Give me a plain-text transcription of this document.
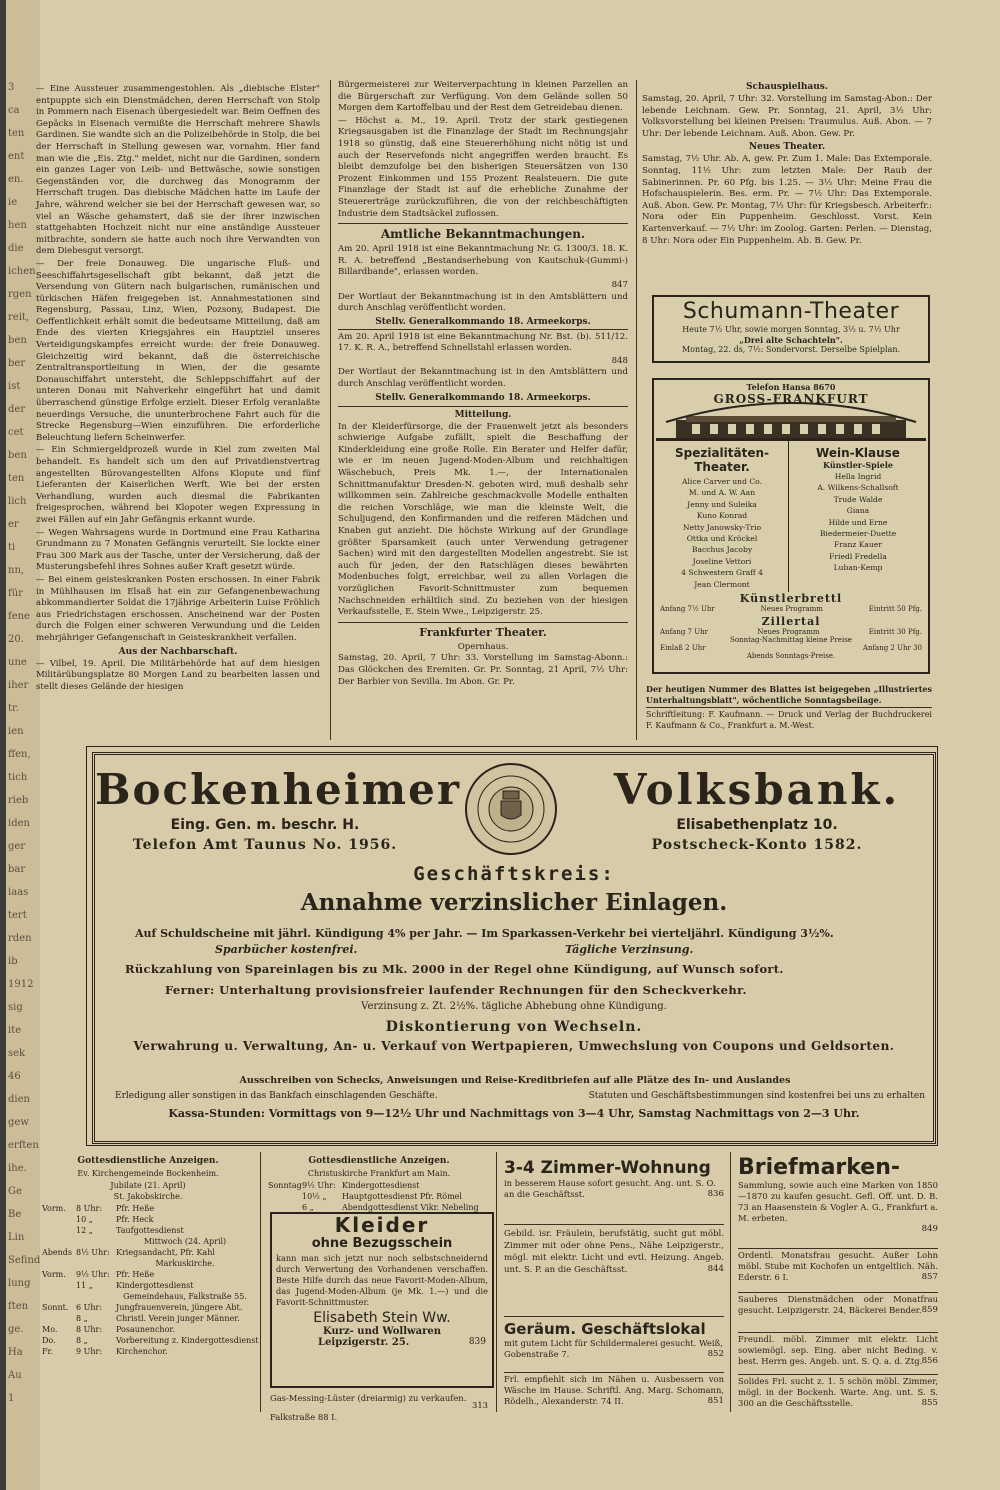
3
ca
ten
ent
en.
ie
hen
die
ichen
rgen
reit,
ben
ber
ist
der
cet
ben
ten
lich
er
ti
nn,
für
fene
20.
une
iher
tr.
ien
ffen,
tich
rieb
iden
ger
bar
iaas
tert
rden
ib
1912
sig
ite
sek
46
dien
gew
erften
ihe.
Ge
Be
Lin
Sefind
lung
ften
ge.
Ha
Au
1

— Eine Aussteuer zusammengestohlen. Als „diebische Elster" entpuppte sich ein Dienstmädchen, deren Herrschaft von Stolp in Pommern nach Eisenach übergesiedelt war. Beim Oeffnen des Gepäcks in Eisenach vermißte die Herrschaft mehrere Shawls Gardinen. Sie wandte sich an die Polizeibehörde in Stolp, die bei der Herrschaft in Stellung gewesen war, vornahm. Hier fand man wie die „Eis. Ztg." meldet, nicht nur die Gardinen, sondern ein ganzes Lager von Leib- und Bettwäsche, sowie sonstigen Gegenständen vor, die durchweg das Monogramm der Herrschaft trugen. Das diebische Mädchen hatte im Laufe der Jahre, während welcher sie bei der Herrschaft gewesen war, so viel an Wäsche gehamstert, daß sie der ihrer inzwischen stattgehabten Hochzeit nicht nur eine anständige Aussteuer mitbrachte, sondern sie hatte auch noch ihre Verwandten von dem Diebesgut versorgt.

— Der freie Donauweg. Die ungarische Fluß- und Seeschiffahrtsgesellschaft gibt bekannt, daß jetzt die Versendung von Gütern nach bulgarischen, rumänischen und türkischen Häfen freigegeben ist. Annahmestationen sind Regensburg, Passau, Linz, Wien, Pozsony, Budapest. Die Oeffentlichkeit erhält somit die bedeutsame Mitteilung, daß am Ende des vierten Kriegsjahres ein Hauptziel unseres Verteidigungskampfes erreicht wurde: der freie Donauweg. Gleichzeitig wird bekannt, daß die österreichische Zentraltransportleitung in Wien, der die gesamte Donauschiffahrt untersteht, die Schleppschiffahrt auf der unteren Donau mit Nahverkehr eingeführt hat und damit überraschend günstige Erfolge erzielt. Dieser Erfolg veranlaßte neuerdings Versuche, die ununterbrochene Fahrt auch für die Strecke Regensburg—Wien einzuführen. Die erforderliche Beleuchtung liefern Scheinwerfer.

— Ein Schmiergeldprozeß wurde in Kiel zum zweiten Mal behandelt. Es handelt sich um den auf Privatdienstvertrag angestellten Bürovangestellten Alfons Klopute und fünf Lieferanten der Kaiserlichen Werft. Wie bei der ersten Verhandlung, wurden auch diesmal die Fabrikanten freigesprochen, während bei Klopoter wegen Expressung in zwei Fällen auf ein Jahr Gefängnis erkannt wurde.

— Wegen Wahrsagens wurde in Dortmund eine Frau Katharina Grundmann zu 7 Monaten Gefängnis verurteilt. Sie lockte einer Frau 300 Mark aus der Tasche, unter der Versicherung, daß der Musterungsbefehl ihres Sohnes außer Kraft gesetzt würde.

— Bei einem geisteskranken Posten erschossen. In einer Fabrik in Mühlhausen im Elsaß hat ein zur Gefangenenbewachung abkommandierter Soldat die 17jährige Arbeiterin Luise Fröhlich aus Friedrichstagen erschossen. Anscheinend war der Posten durch die Folgen einer schweren Verwundung und die Leiden mehrjähriger Gefangenschaft in Geisteskrankheit verfallen.

Aus der Nachbarschaft.

— Vilbel, 19. April. Die Militärbehörde hat auf dem hiesigen Militärübungsplatze 80 Morgen Land zu bearbeiten lassen und stellt dieses Gelände der hiesigen

Bürgermeisterei zur Weiterverpachtung in kleinen Parzellen an die Bürgerschaft zur Verfügung. Von dem Gelände sollen 50 Morgen dem Kartoffelbau und der Rest dem Getreidebau dienen.

— Höchst a. M., 19. April. Trotz der stark gestiegenen Kriegsausgaben ist die Finanzlage der Stadt im Rechnungsjahr 1918 so günstig, daß eine Steuererhöhung nicht nötig ist und auch der Reservefonds nicht angegriffen werden braucht. Es bleibt demzufolge bei den bisherigen Steuersätzen von 130 Prozent Einkommen und 155 Prozent Realsteuern. Die gute Finanzlage der Stadt ist auf die erhebliche Zunahme der Steuererträge zurückzuführen, die von der reichbeschäftigten Industrie dem Stadtsäckel zuflossen.

Amtliche Bekanntmachungen.

Am 20. April 1918 ist eine Bekanntmachung Nr. G. 1300/3. 18. K. R. A. betreffend „Bestandserhebung von Kautschuk-(Gummi-) Billardbande", erlassen worden.

847

Der Wortlaut der Bekanntmachung ist in den Amtsblättern und durch Anschlag veröffentlicht worden.

Stellv. Generalkommando 18. Armeekorps.

Am 20. April 1918 ist eine Bekanntmachung Nr. Bst. (b). 511/12. 17. K. R. A., betreffend Schnellstahl erlassen worden.

848

Der Wortlaut der Bekanntmachung ist in den Amtsblättern und durch Anschlag veröffentlicht worden.

Stellv. Generalkommando 18. Armeekorps.
Mitteilung.

In der Kleiderfürsorge, die der Frauenwelt jetzt als besonders schwierige Aufgabe zufällt, spielt die Beschaffung der Kinderkleidung eine große Rolle. Ein Berater und Helfer dafür, wie er im neuen Jugend-Moden-Album und reichhaltigen Wäschebuch, Preis Mk. 1.—, der Internationalen Schnittmanufaktur Dresden-N. geboten wird, muß deshalb sehr willkommen sein. Zahlreiche geschmackvolle Modelle enthalten die reichen Vorschläge, wie man die kleinste Welt, die Schuljugend, den Konfirmanden und die reiferen Mädchen und Knaben gut anzieht. Die höchste Wirkung auf der Grundlage größter Sparsamkeit (auch unter Verwendung getragener Sachen) wird mit den dargestellten Modellen angestrebt. Sie ist auch für jeden, der den Ratschlägen dieses bewährten Modenbuches folgt, erreichbar, weil zu allen Vorlagen die vorzüglichen Favorit-Schnittmuster zum bequemen Nachschneiden erhältlich sind. Zu beziehen von der hiesigen Verkaufsstelle, E. Stein Wwe., Leipzigerstr. 25.

Frankfurter Theater.
Opernhaus.

Samstag, 20. April, 7 Uhr: 33. Vorstellung im Samstag-Abonn.: Das Glöckchen des Eremiten. Gr. Pr. Sonntag, 21 April, 7½ Uhr: Der Barbier von Sevilla. Im Abon. Gr. Pr.

Schauspielhaus.

Samstag, 20. April, 7 Uhr: 32. Vorstellung im Samstag-Abon.: Der lebende Leichnam. Gew. Pr. Sonntag, 21. April, 3½ Uhr: Volksvorstellung bei kleinen Preisen: Traumulus. Auß. Abon. — 7 Uhr: Der lebende Leichnam. Auß. Abon. Gew. Pr.

Neues Theater.

Samstag, 7½ Uhr. Ab. A, gew. Pr. Zum 1. Male: Das Extemporale. Sonntag, 11½ Uhr: zum letzten Male: Der Raub der Sabinerinnen. Pr. 60 Pfg. bis 1.25. — 3½ Uhr: Meine Frau die Hofschauspielerin. Bes. erm. Pr. — 7½ Uhr: Das Extemporale. Auß. Abon. Gew. Pr. Montag, 7½ Uhr: für Kriegsbesch. Arbeiterfr.: Nora oder Ein Puppenheim. Geschlosst. Vorst. Kein Kartenverkauf. — 7½ Uhr: im Zoolog. Garten: Perlen. — Dienstag, 8 Uhr: Nora oder Ein Puppenheim. Ab. B. Gew. Pr.

Schumann-Theater
Heute 7½ Uhr, sowie morgen Sonntag, 3½ u. 7½ Uhr
„Drei alte Schachteln".
Montag, 22. ds, 7½: Sondervorst. Derselbe Spielplan.
Telefon Hansa 8670
GROSS-FRANKFURT
Spezialitäten-Theater.
Alice Carver und Co.
M. und A. W. Aan
Jenny und Suleika
Kuno Konrad
Netty Janowsky-Trio
Ottka und Kröckel
Bacchus Jacoby
Joseline Vettori
4 Schwestern Graff 4
Jean Clermont
Wein-Klause
Künstler-Spiele
Hella Ingrid
A. Wilkens-Schallsoft
Trude Walde
Giana
Hilde und Erne
Biedermeier-Duette
Franz Kauer
Friedl Fredella
Luban-Kemp
Künstlerbrettl
Anfang 7½ Uhr	Neues Programm	Eintritt 50 Pfg.
Zillertal
Anfang 7 Uhr	Neues Programm	Eintritt 30 Pfg.
Sonntag-Nachmittag kleine Preise
Einlaß 2 Uhr	Anfang 2 Uhr 30
Abends Sonntags-Preise.

Der heutigen Nummer des Blattes ist beigegeben „Illustriertes Unterhaltungsblatt", wöchentliche Sonntagsbeilage.

Schriftleitung: F. Kaufmann. — Druck und Verlag der Buchdruckerei F. Kaufmann & Co., Frankfurt a. M.-West.

Bockenheimer	Volksbank.
Eing. Gen. m. beschr. H.	Elisabethenplatz 10.
Telefon Amt Taunus No. 1956.	Postscheck-Konto 1582.
Geschäftskreis:
Annahme verzinslicher Einlagen.
Auf Schuldscheine mit jährl. Kündigung 4% per Jahr. — Im Sparkassen-Verkehr bei vierteljährl. Kündigung 3½%.
Sparbücher kostenfrei.	Tägliche Verzinsung.
Rückzahlung von Spareinlagen bis zu Mk. 2000 in der Regel ohne Kündigung, auf Wunsch sofort.
Ferner: Unterhaltung provisionsfreier laufender Rechnungen für den Scheckverkehr.
Verzinsung z. Zt. 2½%. tägliche Abhebung ohne Kündigung.
Diskontierung von Wechseln.
Verwahrung u. Verwaltung, An- u. Verkauf von Wertpapieren, Umwechslung von Coupons und Geldsorten.
Ausschreiben von Schecks, Anweisungen und Reise-Kreditbriefen auf alle Plätze des In- und Auslandes
Erledigung aller sonstigen in das Bankfach einschlagenden Geschäfte.	Statuten und Geschäftsbestimmungen sind kostenfrei bei uns zu erhalten
Kassa-Stunden: Vormittags von 9—12½ Uhr und Nachmittags von 3—4 Uhr, Samstag Nachmittags von 2—3 Uhr.
Gottesdienstliche Anzeigen.
Ev. Kirchengemeinde Bockenheim.
Jubilate (21. April)
St. Jakobskirche.
Vorm.	8 Uhr:	Pfr. Heße
10 „	Pfr. Heck
12 „	Taufgottesdienst
Mittwoch (24. April)
Abends 8½ Uhr: Kriegsandacht, Pfr. Kahl
Markuskirche.
Vorm.	9½ Uhr: Pfr. Heße
11 „	Kindergottesdienst
Gemeindehaus, Falkstraße 55.
Sonnt. 6 Uhr:	Jungfrauenverein, jüngere Abt.
8 „	Christl. Verein junger Männer.
Mo.	8 Uhr:	Posaunenchor.
Do.	8 „	Vorbereitung z. Kindergottesdienst
Fr.	9 Uhr:	Kirchenchor.
Gottesdienstliche Anzeigen.
Christuskirche Frankfurt am Main.
Sonntag 9½ Uhr: Kindergottesdienst
10½ „	Hauptgottesdienst Pfr. Römel
6 „	Abendgottesdienst Vikr. Nebeling
Kleider
ohne Bezugsschein

kann man sich jetzt nur noch selbstschneidernd durch Verwertung des Vorhandenen verschaffen. Beste Hilfe durch das neue Favorit-Moden-Album, das Jugend-Moden-Album (je Mk. 1.—) und die Favorit-Schnittmuster.

Elisabeth Stein Ww.
Kurz- und Wollwaren
Leipzigerstr. 25.	839
Gas-Messing-Lüster (dreiarmig) zu verkaufen. Falkstraße 88 I.
313
3-4 Zimmer-Wohnung

in besserem Hause sofort gesucht. Ang. unt. S. O. an die Geschäftsst.	836

Gebild. isr. Fräulein, berufstätig, sucht gut möbl. Zimmer mit oder ohne Pens., Nähe Leipzigerstr., mögl. mit elektr. Licht und evtl. Heizung. Angeb. unt. S. P. an die Geschäftsst.	844
Geräum. Geschäftslokal

mit gutem Licht für Schildermalerei gesucht. Weiß, Gobenstraße 7.	852

Frl. empfiehlt sich im Nähen u. Ausbessern von Wäsche im Hause. Schriftl. Ang. Marg. Schomann, Rödelh., Alexanderstr. 74 II.	851
Briefmarken-

Sammlung, sowie auch eine Marken von 1850—1870 zu kaufen gesucht. Gefl. Off. unt. D. B. 73 an Haasenstein & Vogler A. G., Frankfurt a. M. erbeten.

849

Ordentl. Monatsfrau gesucht. Außer Lohn möbl. Stube mit Kochofen un entgeltlich. Näh. Ederstr. 6 I.	857

Sauberes Dienstmädchen oder Monatfrau gesucht. Leipzigerstr. 24, Bäckerei Bender. 859

Freundl. möbl. Zimmer mit elektr. Licht sowiemögl. sep. Eing. aber nicht Beding. v. best. Herrn ges. Angeb. unt. S. Q. a. d. Ztg. 856

Solides Frl. sucht z. 1. 5 schön möbl. Zimmer, mögl. in der Bockenh. Warte. Ang. unt. S. S. 300 an die Geschäftsstelle.	855
